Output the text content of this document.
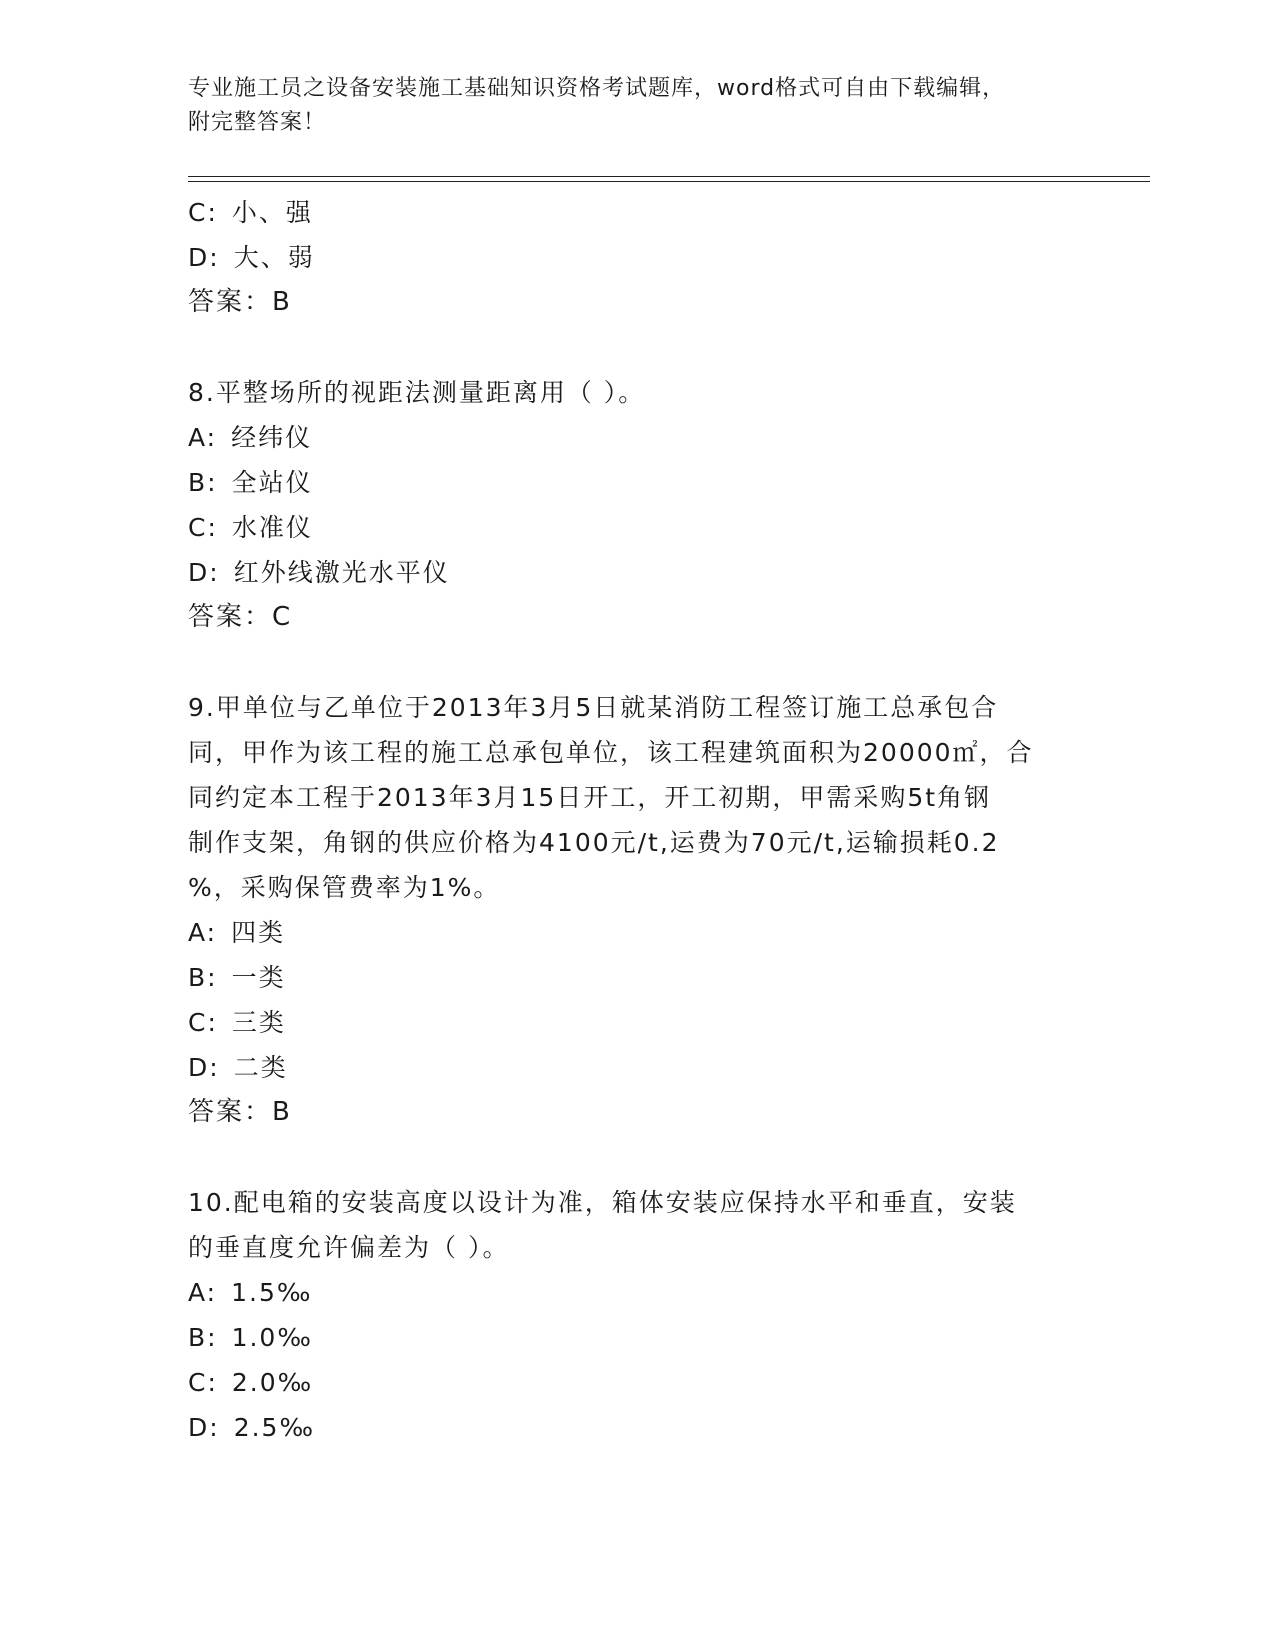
专业施工员之设备安装施工基础知识资格考试题库，word格式可自由下载编辑，
附完整答案！
C: 小、强
D: 大、弱
答案：B
8.平整场所的视距法测量距离用（ ）。
A: 经纬仪
B: 全站仪
C: 水准仪
D: 红外线激光水平仪
答案：C
9.甲单位与乙单位于2013年3月5日就某消防工程签订施工总承包合
同，甲作为该工程的施工总承包单位，该工程建筑面积为20000㎡，合
同约定本工程于2013年3月15日开工，开工初期，甲需采购5t角钢
制作支架，角钢的供应价格为4100元/t,运费为70元/t,运输损耗0.2
%，采购保管费率为1%。
A: 四类
B: 一类
C: 三类
D: 二类
答案：B
10.配电箱的安装高度以设计为准，箱体安装应保持水平和垂直，安装
的垂直度允许偏差为（ ）。
A: 1.5‰
B: 1.0‰
C: 2.0‰
D: 2.5‰
